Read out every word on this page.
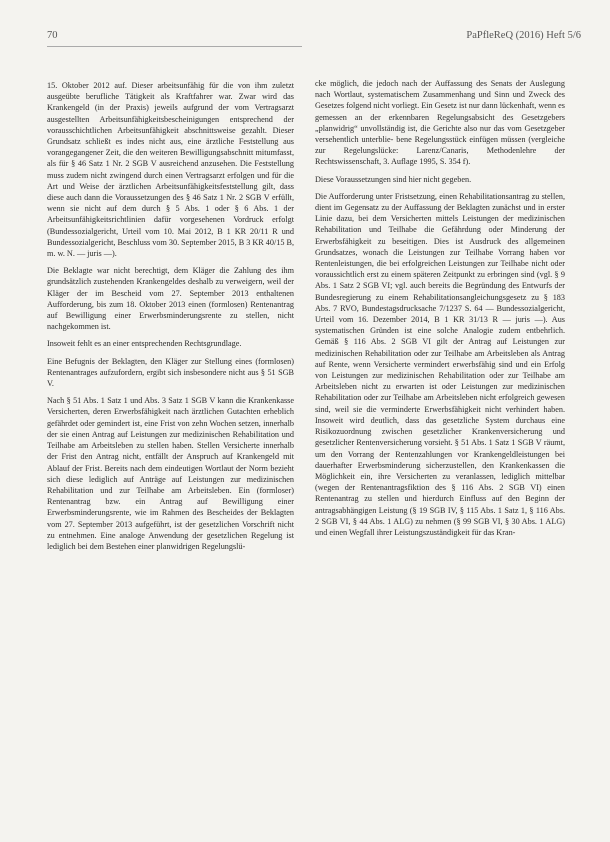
70	PaPfleReQ (2016) Heft 5/6

15. Oktober 2012 auf. Dieser arbeitsunfähig für die von ihm zuletzt ausgeübte berufliche Tätigkeit als Kraftfahrer war. Zwar wird das Krankengeld (in der Praxis) jeweils aufgrund der vom Vertragsarzt ausgestellten Arbeitsunfähigkeitsbescheinigungen entsprechend der vorausschichtlichen Arbeitsunfähigkeit abschnittsweise gezahlt. Dieser Grundsatz schließt es indes nicht aus, eine ärztliche Feststellung aus vorangegangener Zeit, die den weiteren Bewilligungsabschnitt mitumfasst, als für § 46 Satz 1 Nr. 2 SGB V ausreichend anzusehen. Die Feststellung muss zudem nicht zwingend durch einen Vertragsarzt erfolgen und für die Art und Weise der ärztlichen Arbeitsunfähigkeitsfeststellung gilt, dass diese auch dann die Voraussetzungen des § 46 Satz 1 Nr. 2 SGB V erfüllt, wenn sie nicht auf dem durch § 5 Abs. 1 oder § 6 Abs. 1 der Arbeitsunfähigkeitsrichtlinien dafür vorgesehenen Vordruck erfolgt (Bundessozialgericht, Urteil vom 10. Mai 2012, B 1 KR 20/11 R und Bundessozialgericht, Beschluss vom 30. September 2015, B 3 KR 40/15 B, m. w. N. — juris —).

Die Beklagte war nicht berechtigt, dem Kläger die Zahlung des ihm grundsätzlich zustehenden Krankengeldes deshalb zu verweigern, weil der Kläger der im Bescheid vom 27. September 2013 enthaltenen Aufforderung, bis zum 18. Oktober 2013 einen (formlosen) Rentenantrag auf Bewilligung einer Erwerbsminderungsrente zu stellen, nicht nachgekommen ist.

Insoweit fehlt es an einer entsprechenden Rechtsgrundlage.

Eine Befugnis der Beklagten, den Kläger zur Stellung eines (formlosen) Rentenantrages aufzufordern, ergibt sich insbesondere nicht aus § 51 SGB V.

Nach § 51 Abs. 1 Satz 1 und Abs. 3 Satz 1 SGB V kann die Krankenkasse Versicherten, deren Erwerbsfähigkeit nach ärztlichen Gutachten erheblich gefährdet oder gemindert ist, eine Frist von zehn Wochen setzen, innerhalb der sie einen Antrag auf Leistungen zur medizinischen Rehabilitation und Teilhabe am Arbeitsleben zu stellen haben. Stellen Versicherte innerhalb der Frist den Antrag nicht, entfällt der Anspruch auf Krankengeld mit Ablauf der Frist. Bereits nach dem eindeutigen Wortlaut der Norm bezieht sich diese lediglich auf Anträge auf Leistungen zur medizinischen Rehabilitation und zur Teilhabe am Arbeitsleben. Ein (formloser) Rentenantrag bzw. ein Antrag auf Bewilligung einer Erwerbsminderungsrente, wie im Rahmen des Bescheides der Beklagten vom 27. September 2013 aufgeführt, ist der gesetzlichen Vorschrift nicht zu entnehmen. Eine analoge Anwendung der gesetzlichen Regelung ist lediglich bei dem Bestehen einer planwidrigen Regelungslü-

cke möglich, die jedoch nach der Auffassung des Senats der Auslegung nach Wortlaut, systematischem Zusammenhang und Sinn und Zweck des Gesetzes folgend nicht vorliegt. Ein Gesetz ist nur dann lückenhaft, wenn es gemessen an der erkennbaren Regelungsabsicht des Gesetzgebers „planwidrig“ unvollständig ist, die Gerichte also nur das vom Gesetzgeber versehentlich unterblie- bene Regelungsstück einfügen müssen (vergleiche zur Regelungslücke: Larenz/Canaris, Methodenlehre der Rechtswissenschaft, 3. Auflage 1995, S. 354 f).

Diese Voraussetzungen sind hier nicht gegeben.

Die Aufforderung unter Fristsetzung, einen Rehabilitationsantrag zu stellen, dient im Gegensatz zu der Auffassung der Beklagten zunächst und in erster Linie dazu, bei dem Versicherten mittels Leistungen der medizinischen Rehabilitation und Teilhabe die Gefährdung oder Minderung der Erwerbsfähigkeit zu beseitigen. Dies ist Ausdruck des allgemeinen Grundsatzes, wonach die Leistungen zur Teilhabe Vorrang haben vor Rentenleistungen, die bei erfolgreichen Leistungen zur Teilhabe nicht oder voraussichtlich erst zu einem späteren Zeitpunkt zu erbringen sind (vgl. § 9 Abs. 1 Satz 2 SGB VI; vgl. auch bereits die Begründung des Entwurfs der Bundesregierung zu einem Rehabilitationsangleichungsgesetz zu § 183 Abs. 7 RVO, Bundestagsdrucksache 7/1237 S. 64 — Bundessozialgericht, Urteil vom 16. Dezember 2014, B 1 KR 31/13 R — juris —). Aus systematischen Gründen ist eine solche Analogie zudem entbehrlich. Gemäß § 116 Abs. 2 SGB VI gilt der Antrag auf Leistungen zur medizinischen Rehabilitation oder zur Teilhabe am Arbeitsleben als Antrag auf Rente, wenn Versicherte vermindert erwerbsfähig sind und ein Erfolg von Leistungen zur medizinischen Rehabilitation oder zur Teilhabe am Arbeitsleben nicht zu erwarten ist oder Leistungen zur medizinischen Rehabilitation oder zur Teilhabe am Arbeitsleben nicht erfolgreich gewesen sind, weil sie die verminderte Erwerbsfähigkeit nicht verhindert haben. Insoweit wird deutlich, dass das gesetzliche System durchaus eine Risikozuordnung zwischen gesetzlicher Krankenversicherung und gesetzlicher Rentenversicherung vorsieht. § 51 Abs. 1 Satz 1 SGB V räumt, um den Vorrang der Rentenzahlungen vor Krankengeldleistungen bei dauerhafter Erwerbsminderung sicherzustellen, den Krankenkassen die Möglichkeit ein, ihre Versicherten zu veranlassen, lediglich mittelbar (wegen der Rentenantragsfiktion des § 116 Abs. 2 SGB VI) einen Rentenantrag zu stellen und hierdurch Einfluss auf den Beginn der antragsabhängigen Leistung (§ 19 SGB IV, § 115 Abs. 1 Satz 1, § 116 Abs. 2 SGB VI, § 44 Abs. 1 ALG) zu nehmen (§ 99 SGB VI, § 30 Abs. 1 ALG) und einen Wegfall ihrer Leistungszuständigkeit für das Kran-
